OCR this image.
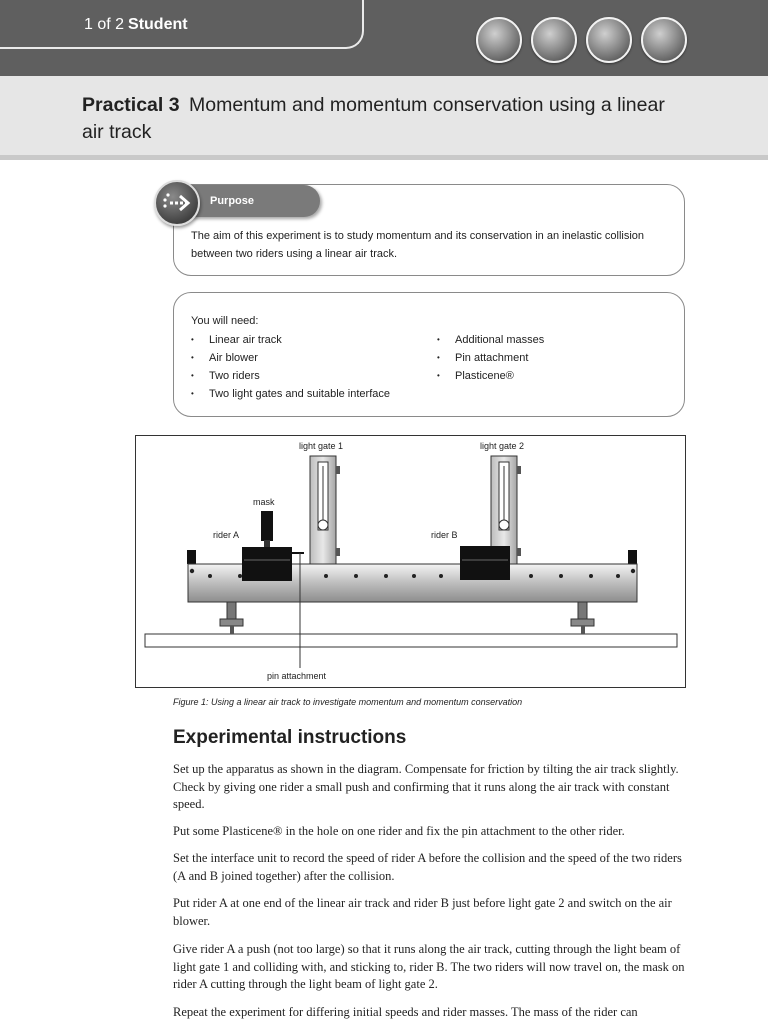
1 of 2 Student
Practical 3 Momentum and momentum conservation using a linear air track
Purpose
The aim of this experiment is to study momentum and its conservation in an inelastic collision between two riders using a linear air track.
You will need:
• Linear air track
• Air blower
• Two riders
• Two light gates and suitable interface
• Additional masses
• Pin attachment
• Plasticene®
light gate 1	light gate 2
mask
rider A	rider B
pin attachment
Figure 1: Using a linear air track to investigate momentum and momentum conservation
Experimental instructions
Set up the apparatus as shown in the diagram. Compensate for friction by tilting the air track slightly. Check by giving one rider a small push and confirming that it runs along the air track with constant speed.
Put some Plasticene® in the hole on one rider and fix the pin attachment to the other rider.
Set the interface unit to record the speed of rider A before the collision and the speed of the two riders (A and B joined together) after the collision.
Put rider A at one end of the linear air track and rider B just before light gate 2 and switch on the air blower.
Give rider A a push (not too large) so that it runs along the air track, cutting through the light beam of light gate 1 and colliding with, and sticking to, rider B. The two riders will now travel on, the mask on rider A cutting through the light beam of light gate 2.
Repeat the experiment for differing initial speeds and rider masses. The mass of the rider can
